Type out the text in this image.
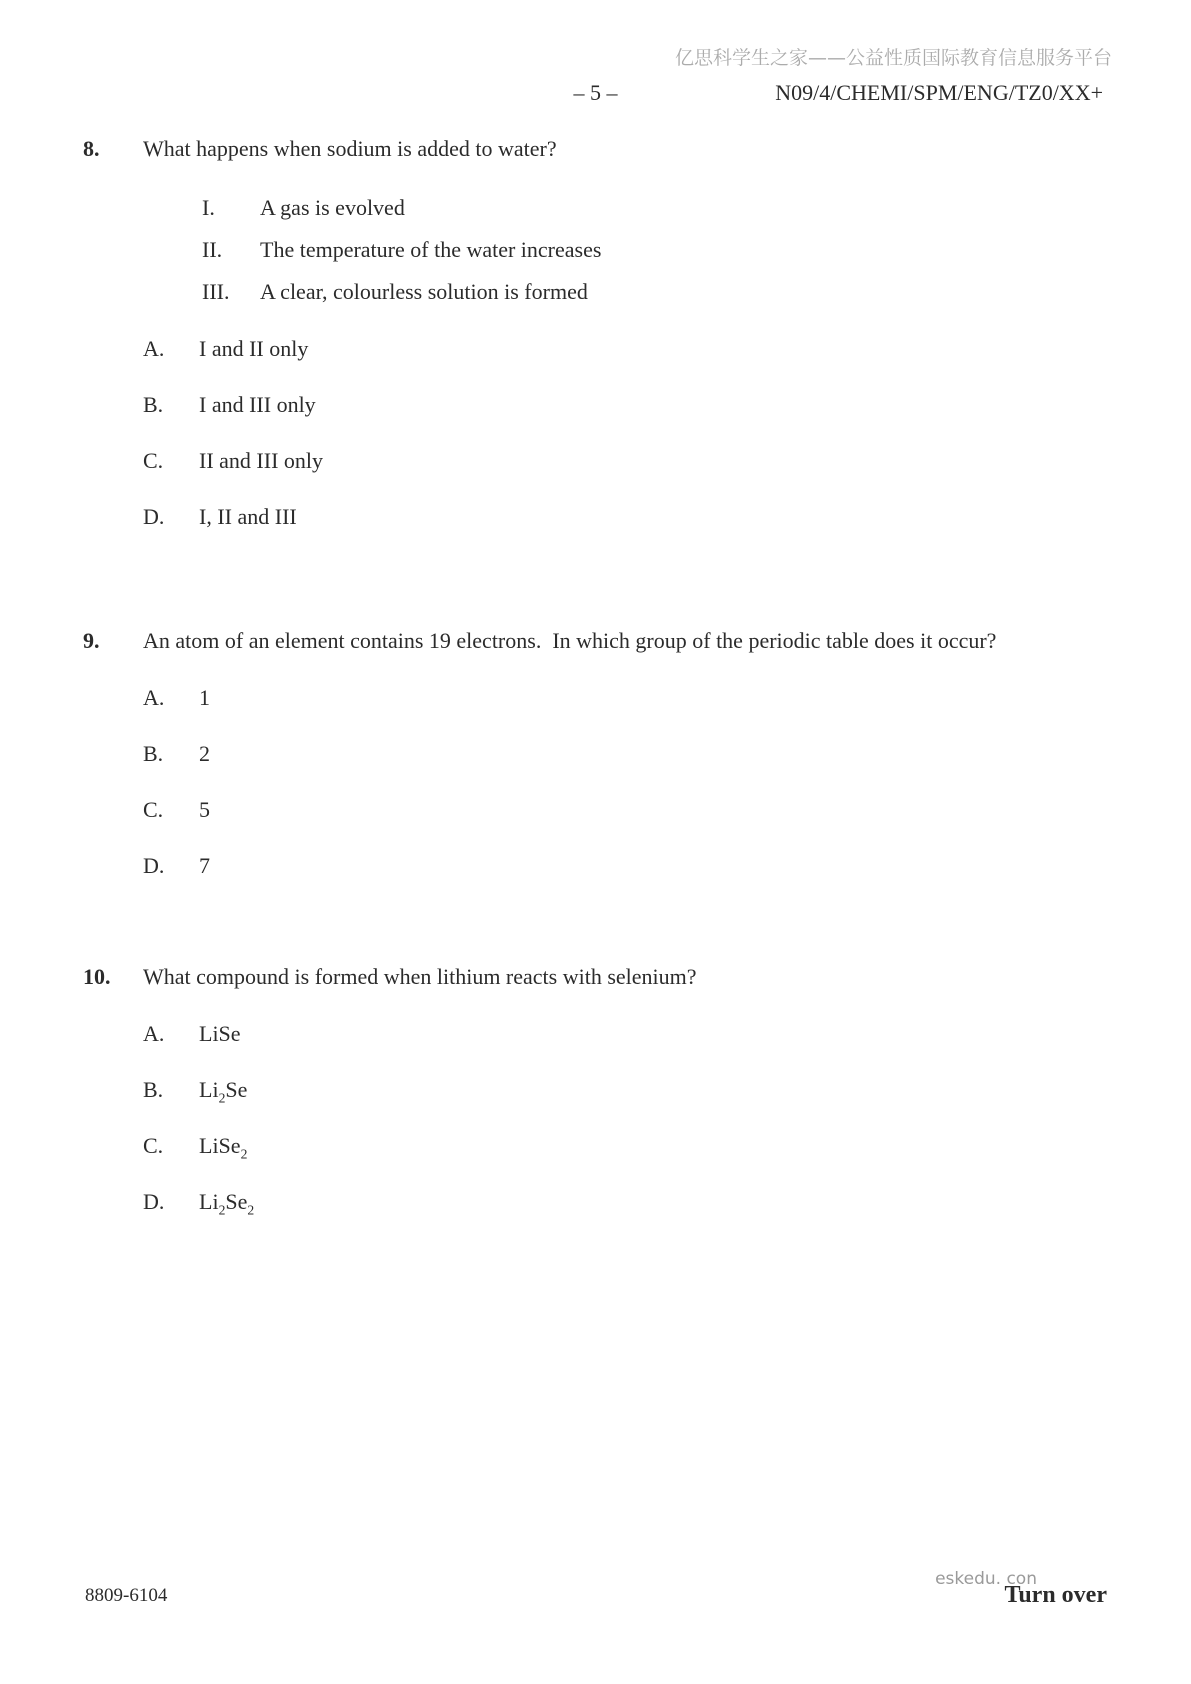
亿思科学生之家——公益性质国际教育信息服务平台
– 5 –	N09/4/CHEMI/SPM/ENG/TZ0/XX+
8.	What happens when sodium is added to water?
I.	A gas is evolved
II.	The temperature of the water increases
III.	A clear, colourless solution is formed
A.	I and II only
B.	I and III only
C.	II and III only
D.	I, II and III
9.	An atom of an element contains 19 electrons.  In which group of the periodic table does it occur?
A.	1
B.	2
C.	5
D.	7
10.	What compound is formed when lithium reacts with selenium?
A.	LiSe
B.	$Li_2Se$
C.	LiSe$_2$
D.	$Li_2Se_2$
8809-6104
eskedu. con
Turn over
